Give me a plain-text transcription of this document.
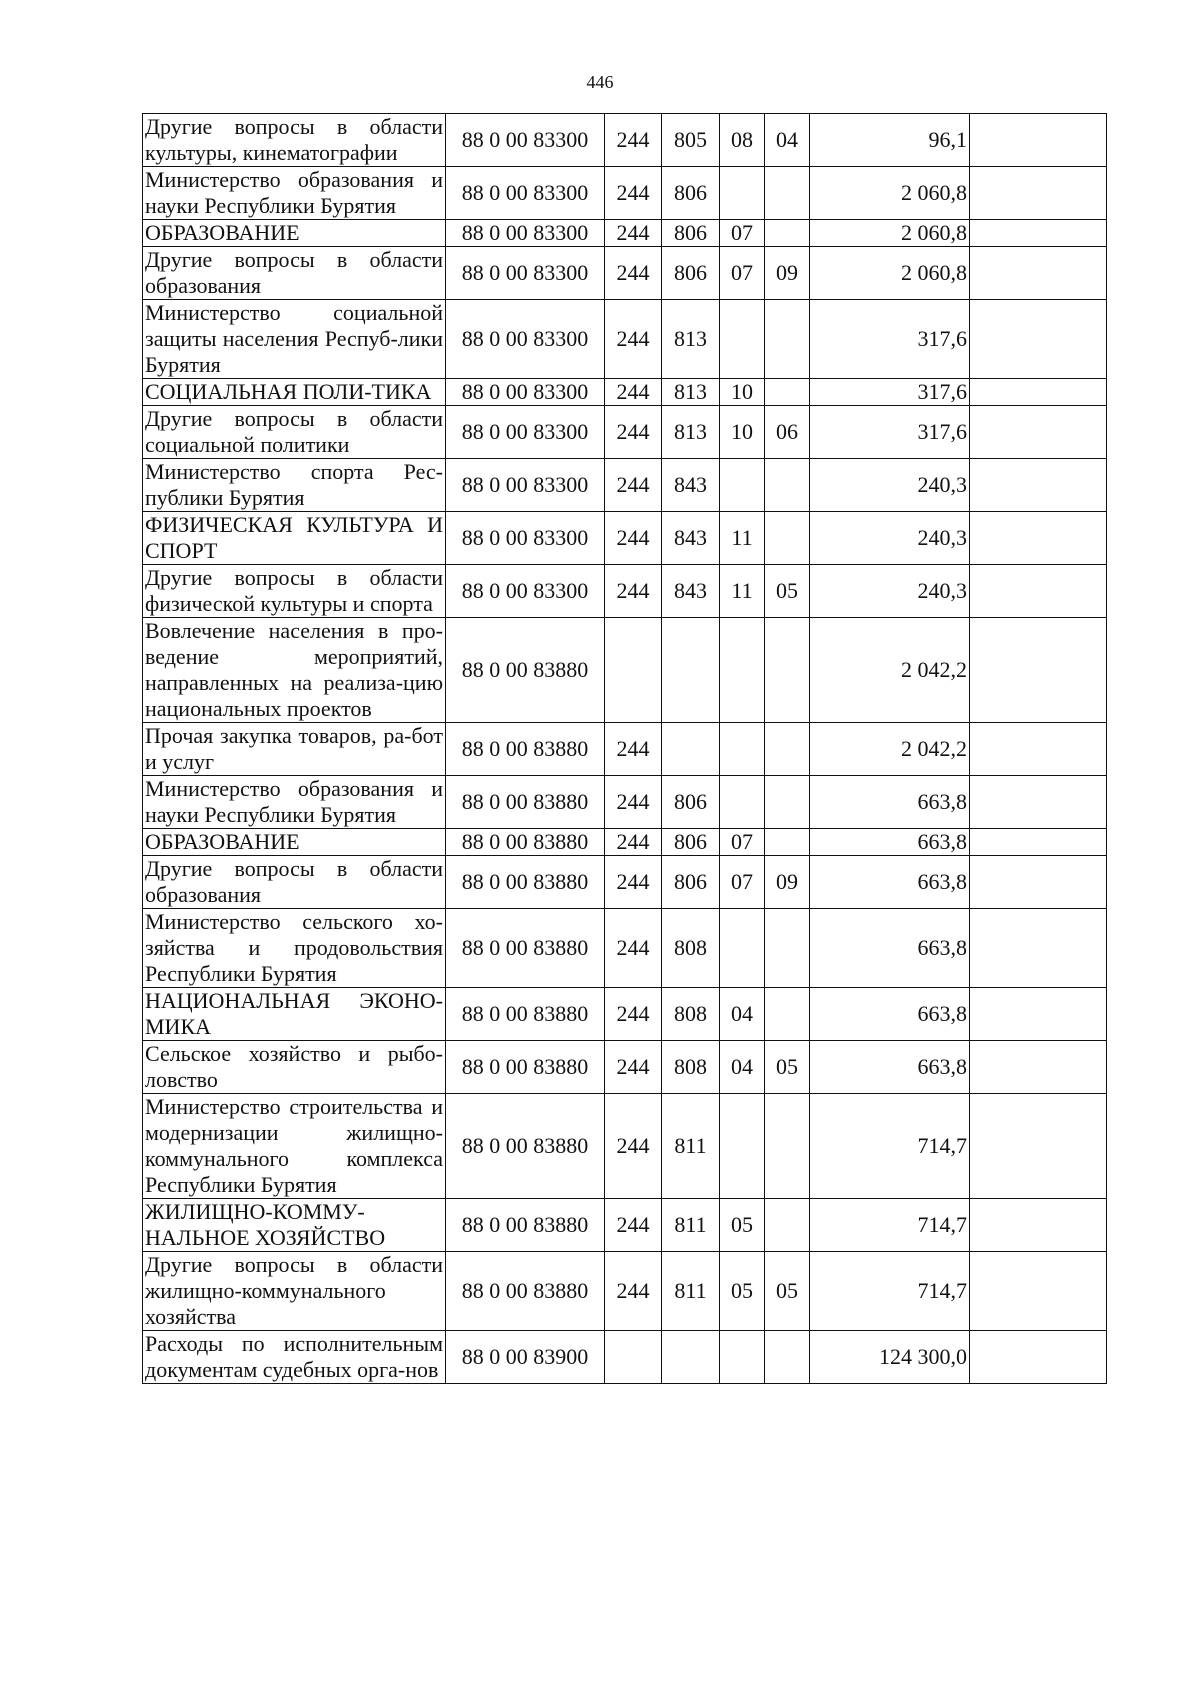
446
Другие вопросы в области культуры, кинематографии	88 0 00 83300	244	805	08	04	96,1	
Министерство образования и науки Республики Бурятия	88 0 00 83300	244	806			2 060,8	
ОБРАЗОВАНИЕ	88 0 00 83300	244	806	07		2 060,8	
Другие вопросы в области образования	88 0 00 83300	244	806	07	09	2 060,8	
Министерство социальной защиты населения Респуб-лики Бурятия	88 0 00 83300	244	813			317,6	
СОЦИАЛЬНАЯ ПОЛИ-ТИКА	88 0 00 83300	244	813	10		317,6	
Другие вопросы в области социальной политики	88 0 00 83300	244	813	10	06	317,6	
Министерство спорта Рес-публики Бурятия	88 0 00 83300	244	843			240,3	
ФИЗИЧЕСКАЯ КУЛЬТУРА И СПОРТ	88 0 00 83300	244	843	11		240,3	
Другие вопросы в области физической культуры и спорта	88 0 00 83300	244	843	11	05	240,3	
Вовлечение населения в про-ведение мероприятий, направленных на реализа-цию национальных проектов	88 0 00 83880					2 042,2	
Прочая закупка товаров, ра-бот и услуг	88 0 00 83880	244				2 042,2	
Министерство образования и науки Республики Бурятия	88 0 00 83880	244	806			663,8	
ОБРАЗОВАНИЕ	88 0 00 83880	244	806	07		663,8	
Другие вопросы в области образования	88 0 00 83880	244	806	07	09	663,8	
Министерство сельского хо-зяйства и продовольствия Республики Бурятия	88 0 00 83880	244	808			663,8	
НАЦИОНАЛЬНАЯ ЭКОНО-МИКА	88 0 00 83880	244	808	04		663,8	
Сельское хозяйство и рыбо-ловство	88 0 00 83880	244	808	04	05	663,8	
Министерство строительства и модернизации жилищно-коммунального комплекса Республики Бурятия	88 0 00 83880	244	811			714,7	
ЖИЛИЩНО-КОММУ-НАЛЬНОЕ ХОЗЯЙСТВО	88 0 00 83880	244	811	05		714,7	
Другие вопросы в области жилищно-коммунального хозяйства	88 0 00 83880	244	811	05	05	714,7	
Расходы по исполнительным документам судебных орга-нов	88 0 00 83900					124 300,0	
